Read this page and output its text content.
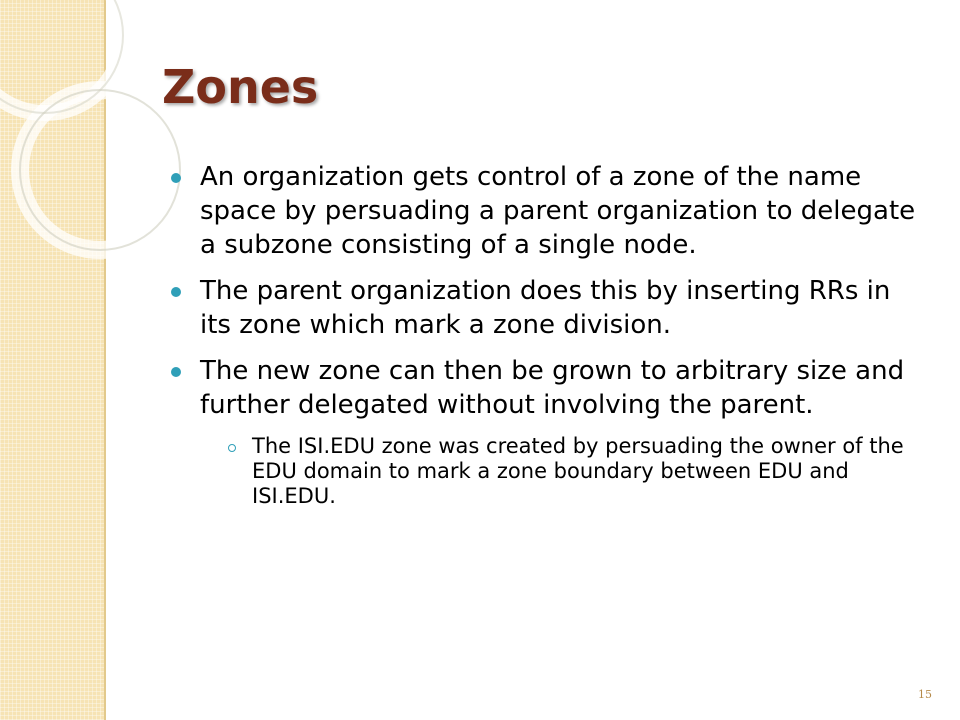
Zones
An organization gets control of a zone of the name space by persuading a parent organization to delegate a subzone consisting of a single node.
The parent organization does this by inserting RRs in its zone which mark a zone division.
The new zone can then be grown to arbitrary size and further delegated without involving the parent.
The ISI.EDU zone was created by persuading the owner of the EDU domain to mark a zone boundary between EDU and ISI.EDU.
15
